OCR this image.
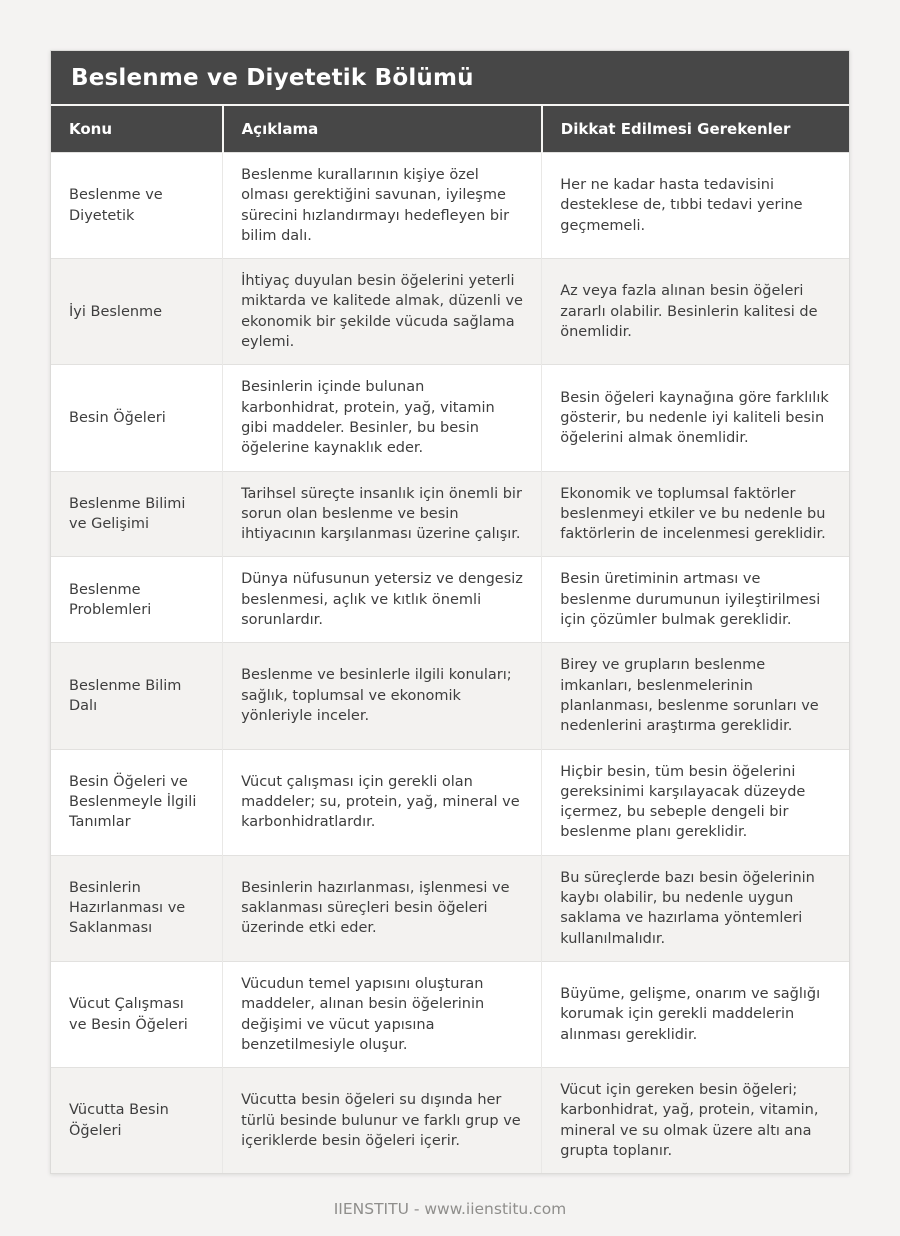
Beslenme ve Diyetetik Bölümü
Konu	Açıklama	Dikkat Edilmesi Gerekenler
Beslenme ve Diyetetik	Beslenme kurallarının kişiye özel olması gerektiğini savunan, iyileşme sürecini hızlandırmayı hedefleyen bir bilim dalı.	Her ne kadar hasta tedavisini desteklese de, tıbbi tedavi yerine geçmemeli.
İyi Beslenme	İhtiyaç duyulan besin öğelerini yeterli miktarda ve kalitede almak, düzenli ve ekonomik bir şekilde vücuda sağlama eylemi.	Az veya fazla alınan besin öğeleri zararlı olabilir. Besinlerin kalitesi de önemlidir.
Besin Öğeleri	Besinlerin içinde bulunan karbonhidrat, protein, yağ, vitamin gibi maddeler. Besinler, bu besin öğelerine kaynaklık eder.	Besin öğeleri kaynağına göre farklılık gösterir, bu nedenle iyi kaliteli besin öğelerini almak önemlidir.
Beslenme Bilimi ve Gelişimi	Tarihsel süreçte insanlık için önemli bir sorun olan beslenme ve besin ihtiyacının karşılanması üzerine çalışır.	Ekonomik ve toplumsal faktörler beslenmeyi etkiler ve bu nedenle bu faktörlerin de incelenmesi gereklidir.
Beslenme Problemleri	Dünya nüfusunun yetersiz ve dengesiz beslenmesi, açlık ve kıtlık önemli sorunlardır.	Besin üretiminin artması ve beslenme durumunun iyileştirilmesi için çözümler bulmak gereklidir.
Beslenme Bilim Dalı	Beslenme ve besinlerle ilgili konuları; sağlık, toplumsal ve ekonomik yönleriyle inceler.	Birey ve grupların beslenme imkanları, beslenmelerinin planlanması, beslenme sorunları ve nedenlerini araştırma gereklidir.
Besin Öğeleri ve Beslenmeyle İlgili Tanımlar	Vücut çalışması için gerekli olan maddeler; su, protein, yağ, mineral ve karbonhidratlardır.	Hiçbir besin, tüm besin öğelerini gereksinimi karşılayacak düzeyde içermez, bu sebeple dengeli bir beslenme planı gereklidir.
Besinlerin Hazırlanması ve Saklanması	Besinlerin hazırlanması, işlenmesi ve saklanması süreçleri besin öğeleri üzerinde etki eder.	Bu süreçlerde bazı besin öğelerinin kaybı olabilir, bu nedenle uygun saklama ve hazırlama yöntemleri kullanılmalıdır.
Vücut Çalışması ve Besin Öğeleri	Vücudun temel yapısını oluşturan maddeler, alınan besin öğelerinin değişimi ve vücut yapısına benzetilmesiyle oluşur.	Büyüme, gelişme, onarım ve sağlığı korumak için gerekli maddelerin alınması gereklidir.
Vücutta Besin Öğeleri	Vücutta besin öğeleri su dışında her türlü besinde bulunur ve farklı grup ve içeriklerde besin öğeleri içerir.	Vücut için gereken besin öğeleri; karbonhidrat, yağ, protein, vitamin, mineral ve su olmak üzere altı ana grupta toplanır.
IIENSTITU - www.iienstitu.com
